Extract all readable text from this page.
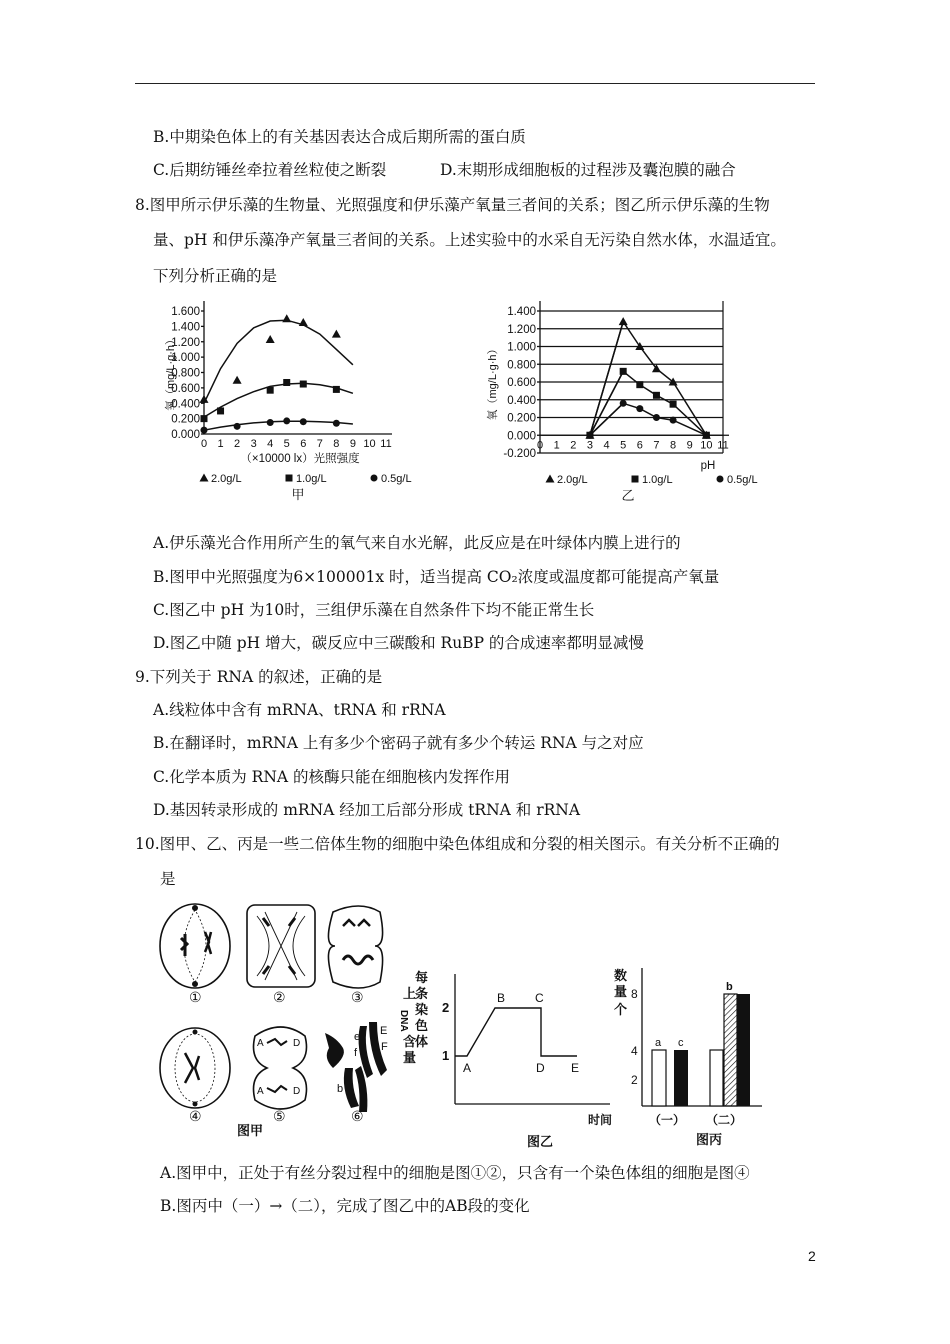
B.中期染色体上的有关基因表达合成后期所需的蛋白质
C.后期纺锤丝牵拉着丝粒使之断裂	D.末期形成细胞板的过程涉及囊泡膜的融合
8.图甲所示伊乐藻的生物量、光照强度和伊乐藻产氧量三者间的关系；图乙所示伊乐藻的生物
量、pH 和伊乐藻净产氧量三者间的关系。上述实验中的水采自无污染自然水体，水温适宜。
下列分析正确的是
0.000
0.200
0.400
0.600
0.800
1.000
1.200
1.400
1.600
0 1 2 3 4 5 6 7 8 9 10 11
氧（mg/L·g·h）
（×10000 lx）光照强度
2.0g/L	1.0g/L	0.5g/L
甲
-0.200
0.000
0.200
0.400
0.600
0.800
1.000
1.200
1.400
0 1 2 3 4 5 6 7 8 9 10 11
氧（mg/L·g·h）
pH
2.0g/L	1.0g/L	0.5g/L
乙
A.伊乐藻光合作用所产生的氧气来自水光解，此反应是在叶绿体内膜上进行的
B.图甲中光照强度为6×100001x 时，适当提高 CO₂浓度或温度都可能提高产氧量
C.图乙中 pH 为10时，三组伊乐藻在自然条件下均不能正常生长
D.图乙中随 pH 增大，碳反应中三碳酸和 RuBP 的合成速率都明显减慢
9.下列关于 RNA 的叙述，正确的是
A.线粒体中含有 mRNA、tRNA 和 rRNA
B.在翻译时，mRNA 上有多少个密码子就有多少个转运 RNA 与之对应
C.化学本质为 RNA 的核酶只能在细胞核内发挥作用
D.基因转录形成的 mRNA 经加工后部分形成 tRNA 和 rRNA
10.图甲、乙、丙是一些二倍体生物的细胞中染色体组成和分裂的相关图示。有关分析不正确的
是
A	D
A	D
e
f
E
F
b
①	②	③
④	⑤	⑥
图甲
每
条
染
色
体
上
DNA
含
量
2
1
A
B C
D E
时间
图乙
数
量
个
8
4
2
a c
b
（一） （二）
图丙
A.图甲中，正处于有丝分裂过程中的细胞是图①②，只含有一个染色体组的细胞是图④
B.图丙中（一）→（二），完成了图乙中的AB段的变化
2
